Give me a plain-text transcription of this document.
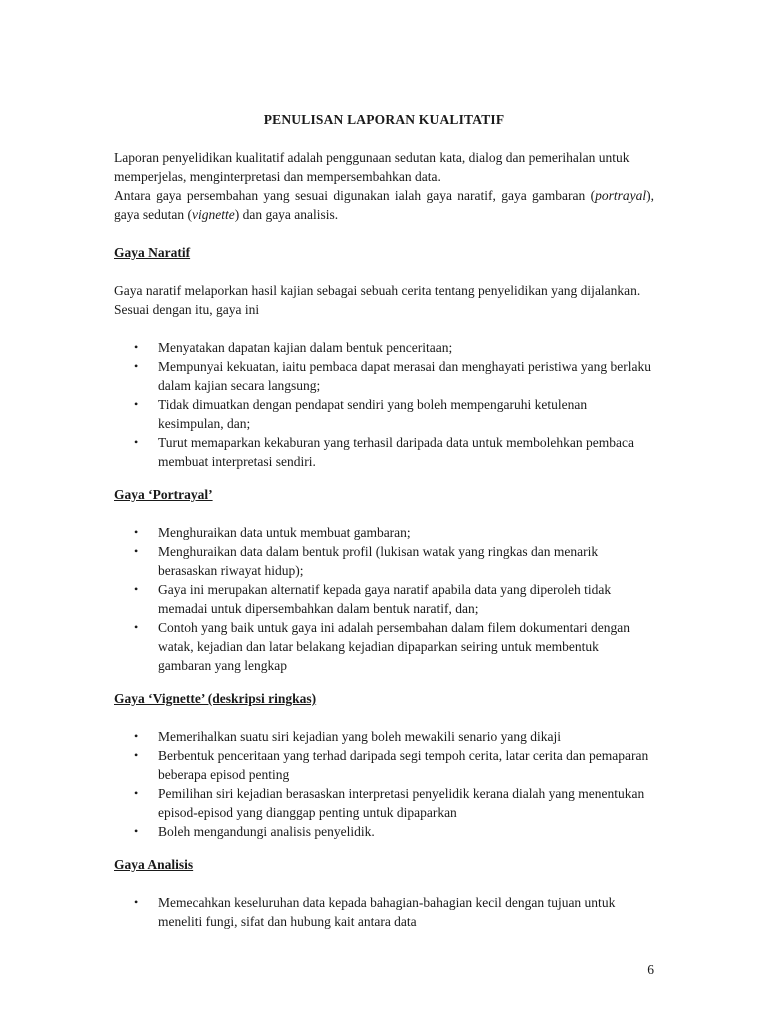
PENULISAN LAPORAN KUALITATIF

Laporan penyelidikan kualitatif adalah penggunaan sedutan kata, dialog dan pemerihalan untuk memperjelas, menginterpretasi dan mempersembahkan data.

Antara gaya persembahan yang sesuai digunakan ialah gaya naratif, gaya gambaran (portrayal), gaya sedutan (vignette) dan gaya analisis.

Gaya Naratif

Gaya naratif melaporkan hasil kajian sebagai sebuah cerita tentang penyelidikan yang dijalankan. Sesuai dengan itu, gaya ini

• Menyatakan dapatan kajian dalam bentuk penceritaan;
• Mempunyai kekuatan, iaitu pembaca dapat merasai dan menghayati peristiwa yang berlaku dalam kajian secara langsung;
• Tidak dimuatkan dengan pendapat sendiri yang boleh mempengaruhi ketulenan kesimpulan, dan;
• Turut memaparkan kekaburan yang terhasil daripada data untuk membolehkan pembaca membuat interpretasi sendiri.

Gaya ‘Portrayal’

• Menghuraikan data untuk membuat gambaran;
• Menghuraikan data dalam bentuk profil (lukisan watak yang ringkas dan menarik berasaskan riwayat hidup);
• Gaya ini merupakan alternatif kepada gaya naratif apabila data yang diperoleh tidak memadai untuk dipersembahkan dalam bentuk naratif, dan;
• Contoh yang baik untuk gaya ini adalah persembahan dalam filem dokumentari dengan watak, kejadian dan latar belakang kejadian dipaparkan seiring untuk membentuk gambaran yang lengkap

Gaya ‘Vignette’ (deskripsi ringkas)

• Memerihalkan suatu siri kejadian yang boleh mewakili senario yang dikaji
• Berbentuk penceritaan yang terhad daripada segi tempoh cerita, latar cerita dan pemaparan beberapa episod penting
• Pemilihan siri kejadian berasaskan interpretasi penyelidik kerana dialah yang menentukan episod-episod yang dianggap penting untuk dipaparkan
• Boleh mengandungi analisis penyelidik.

Gaya Analisis

• Memecahkan keseluruhan data kepada bahagian-bahagian kecil dengan tujuan untuk meneliti fungi, sifat dan hubung kait antara data
6
